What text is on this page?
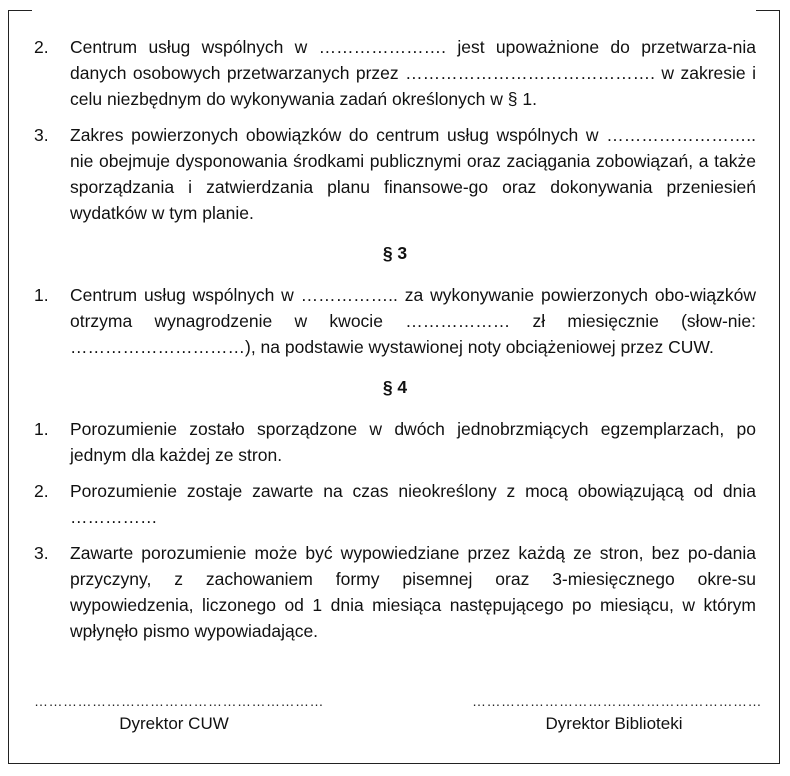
2.	Centrum usług wspólnych w …………………. jest upoważnione do przetwarza-nia danych osobowych przetwarzanych przez ……………………………………. w zakresie i celu niezbędnym do wykonywania zadań określonych w § 1.
3.	Zakres powierzonych obowiązków do centrum usług wspólnych w …………………….. nie obejmuje dysponowania środkami publicznymi oraz zaciągania zobowiązań, a także sporządzania i zatwierdzania planu finansowe-go oraz dokonywania przeniesień wydatków w tym planie.
§ 3
1.	Centrum usług wspólnych w …………….. za wykonywanie powierzonych obo-wiązków otrzyma wynagrodzenie w kwocie ……………… zł miesięcznie (słow-nie: …………………………), na podstawie wystawionej noty obciążeniowej przez CUW.
§ 4
1.	Porozumienie zostało sporządzone w dwóch jednobrzmiących egzemplarzach, po jednym dla każdej ze stron.
2.	Porozumienie zostaje zawarte na czas nieokreślony z mocą obowiązującą od dnia ……………
3.	Zawarte porozumienie może być wypowiedziane przez każdą ze stron, bez po-dania przyczyny, z zachowaniem formy pisemnej oraz 3-miesięcznego okre-su wypowiedzenia, liczonego od 1 dnia miesiąca następującego po miesiącu, w którym wpłynęło pismo wypowiadające.
……………………………………………………
Dyrektor CUW
……………………………………………………
Dyrektor Biblioteki
